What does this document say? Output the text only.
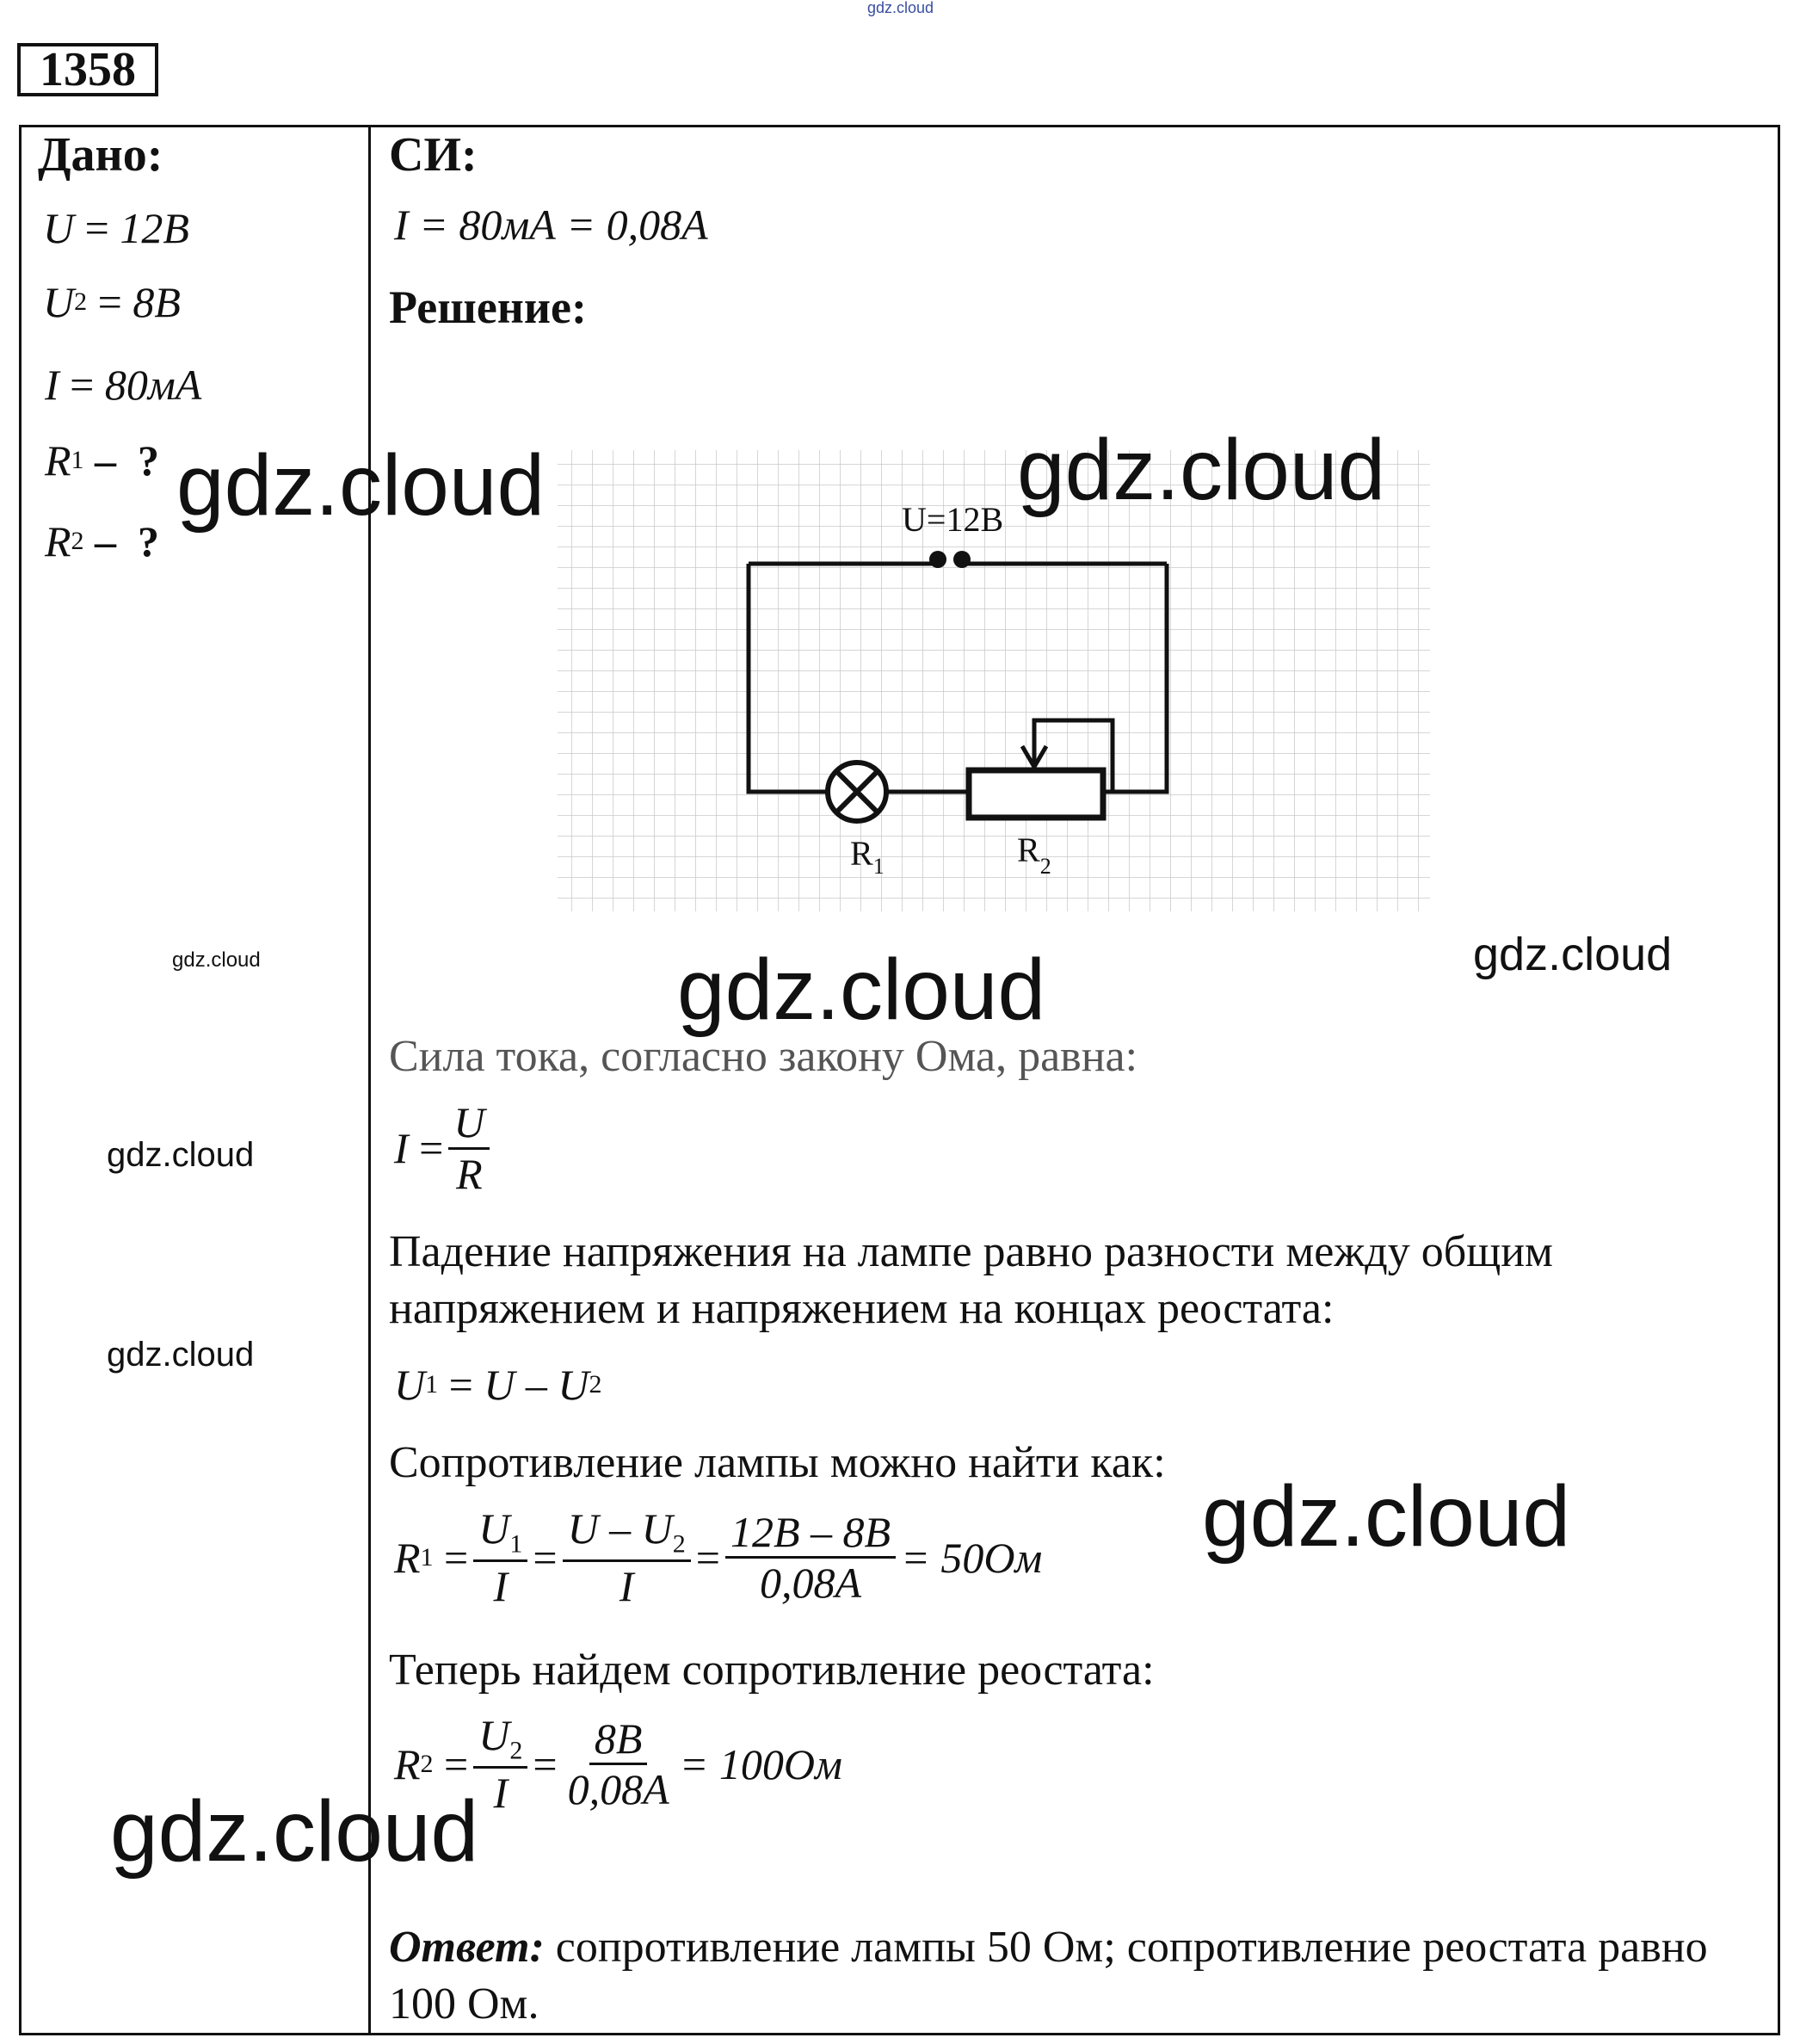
gdz.cloud
1358
Дано:
U
=
12B
U 2
=
8B
I
=
80мА
R 1
–
?
R 2
–
?
СИ:
I = 80мА = 0,08А
Решение:
U=12В
$R_1$	$R_2$
Сила тока, согласно закону Ома, равна:
I
= $\frac{U}{R}$
Падение напряжения на лампе равно разности между общим напряжением и напряжением на концах реостата:
U 1
=
U
–
U 2
Сопротивление лампы можно найти как:
R 1
= $\frac{U_1}{I} = \frac{U - U_2}{I} = \frac{12B - 8B}{0,08A} = 50Ом$
Теперь найдем сопротивление реостата:
R 2
= $\frac{U_2}{I} = \frac{8B}{0,08A} = 100Ом$
Ответ: сопротивление лампы 50 Ом; сопротивление реостата равно 100 Ом.
gdz.cloud	gdz.cloud
gdz.cloud	gdz.cloud
gdz.cloud
gdz.cloud
gdz.cloud
gdz.cloud
gdz.cloud
